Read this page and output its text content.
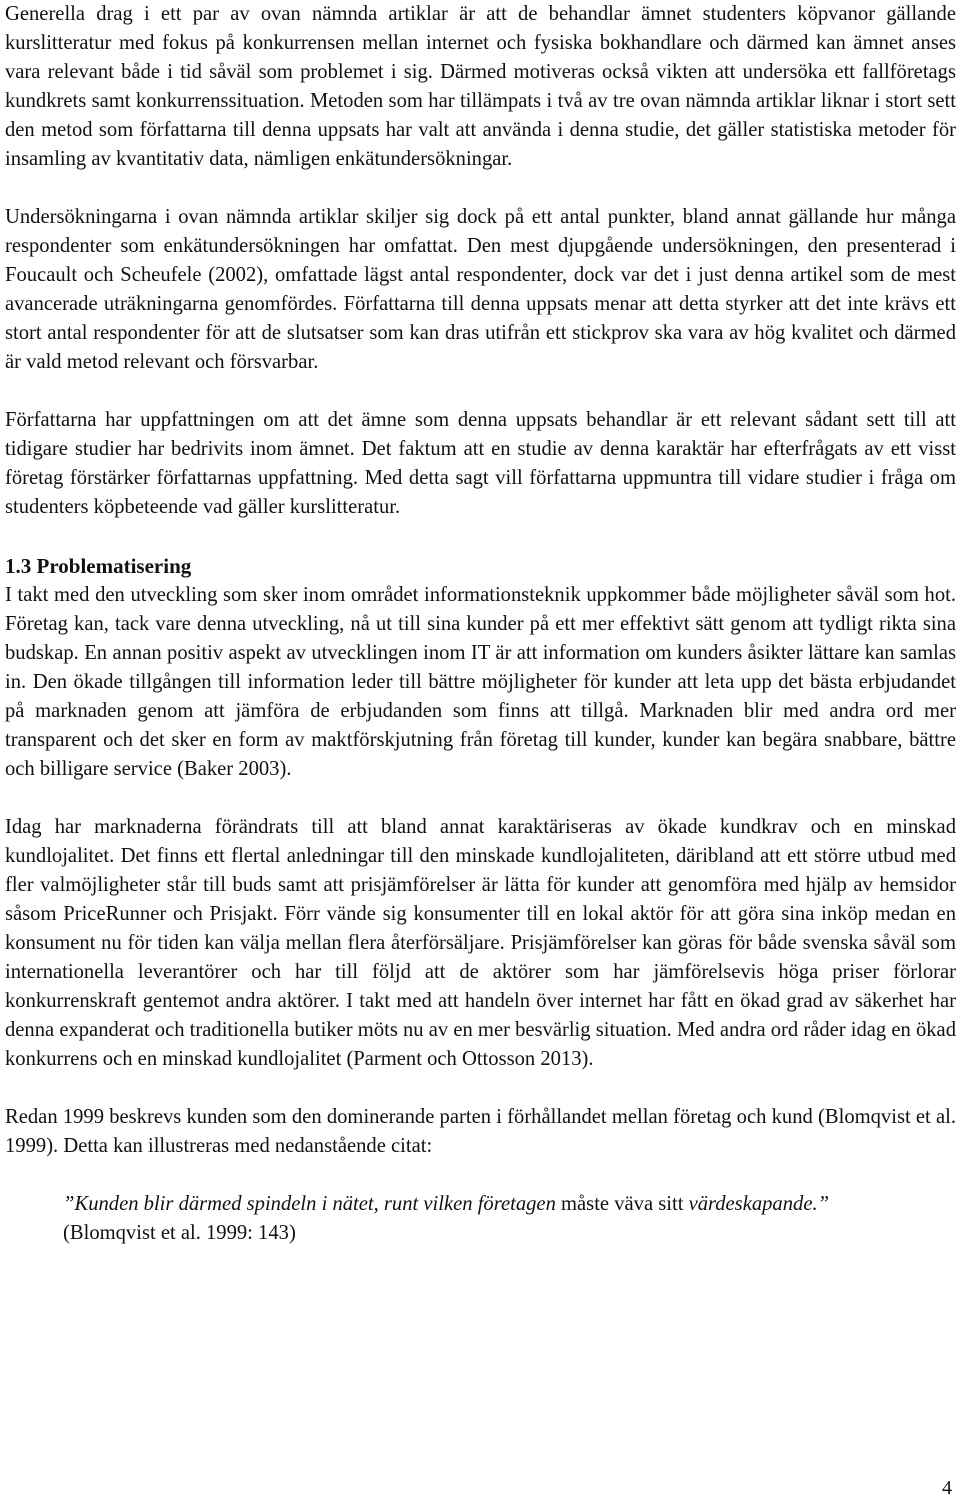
Generella drag i ett par av ovan nämnda artiklar är att de behandlar ämnet studenters köpvanor gällande kurslitteratur med fokus på konkurrensen mellan internet och fysiska bokhandlare och därmed kan ämnet anses vara relevant både i tid såväl som problemet i sig. Därmed motiveras också vikten att undersöka ett fallföretags kundkrets samt konkurrenssituation. Metoden som har tillämpats i två av tre ovan nämnda artiklar liknar i stort sett den metod som författarna till denna uppsats har valt att använda i denna studie, det gäller statistiska metoder för insamling av kvantitativ data, nämligen enkätundersökningar.

Undersökningarna i ovan nämnda artiklar skiljer sig dock på ett antal punkter, bland annat gällande hur många respondenter som enkätundersökningen har omfattat. Den mest djupgående undersökningen, den presenterad i Foucault och Scheufele (2002), omfattade lägst antal respondenter, dock var det i just denna artikel som de mest avancerade uträkningarna genomfördes. Författarna till denna uppsats menar att detta styrker att det inte krävs ett stort antal respondenter för att de slutsatser som kan dras utifrån ett stickprov ska vara av hög kvalitet och därmed är vald metod relevant och försvarbar.

Författarna har uppfattningen om att det ämne som denna uppsats behandlar är ett relevant sådant sett till att tidigare studier har bedrivits inom ämnet. Det faktum att en studie av denna karaktär har efterfrågats av ett visst företag förstärker författarnas uppfattning. Med detta sagt vill författarna uppmuntra till vidare studier i fråga om studenters köpbeteende vad gäller kurslitteratur.

1.3 Problematisering

I takt med den utveckling som sker inom området informationsteknik uppkommer både möjligheter såväl som hot. Företag kan, tack vare denna utveckling, nå ut till sina kunder på ett mer effektivt sätt genom att tydligt rikta sina budskap. En annan positiv aspekt av utvecklingen inom IT är att information om kunders åsikter lättare kan samlas in. Den ökade tillgången till information leder till bättre möjligheter för kunder att leta upp det bästa erbjudandet på marknaden genom att jämföra de erbjudanden som finns att tillgå. Marknaden blir med andra ord mer transparent och det sker en form av maktförskjutning från företag till kunder, kunder kan begära snabbare, bättre och billigare service (Baker 2003).

Idag har marknaderna förändrats till att bland annat karaktäriseras av ökade kundkrav och en minskad kundlojalitet. Det finns ett flertal anledningar till den minskade kundlojaliteten, däribland att ett större utbud med fler valmöjligheter står till buds samt att prisjämförelser är lätta för kunder att genomföra med hjälp av hemsidor såsom PriceRunner och Prisjakt. Förr vände sig konsumenter till en lokal aktör för att göra sina inköp medan en konsument nu för tiden kan välja mellan flera återförsäljare. Prisjämförelser kan göras för både svenska såväl som internationella leverantörer och har till följd att de aktörer som har jämförelsevis höga priser förlorar konkurrenskraft gentemot andra aktörer. I takt med att handeln över internet har fått en ökad grad av säkerhet har denna expanderat och traditionella butiker möts nu av en mer besvärlig situation. Med andra ord råder idag en ökad konkurrens och en minskad kundlojalitet (Parment och Ottosson 2013).

Redan 1999 beskrevs kunden som den dominerande parten i förhållandet mellan företag och kund (Blomqvist et al. 1999). Detta kan illustreras med nedanstående citat:

”Kunden blir därmed spindeln i nätet, runt vilken företagen måste väva sitt värdeskapande.” (Blomqvist et al. 1999: 143)

4
